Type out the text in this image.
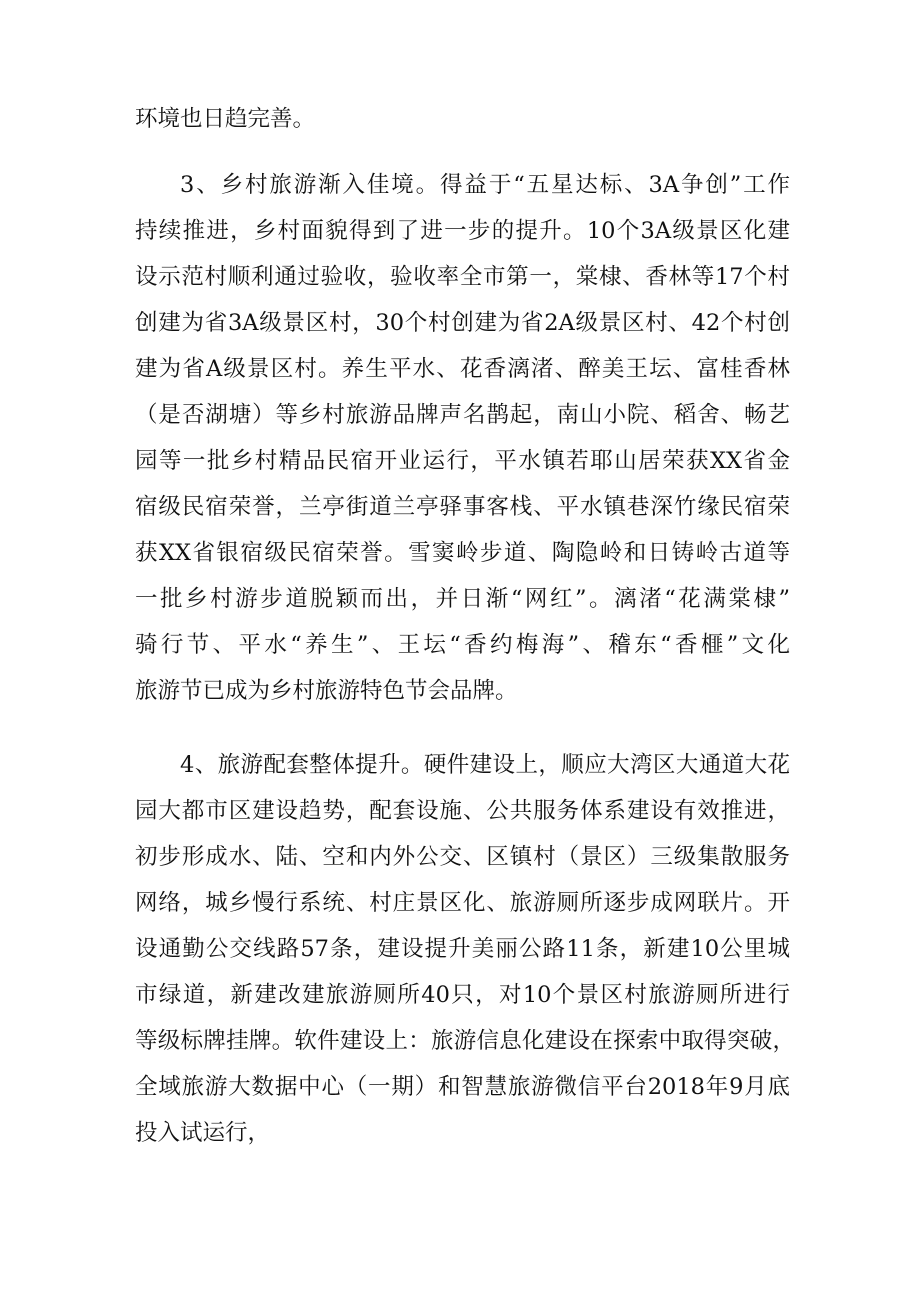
环境也日趋完善。
3、乡村旅游渐入佳境。得益于“五星达标、3A争创”工作
持续推进，乡村面貌得到了进一步的提升。10个3A级景区化建
设示范村顺利通过验收，验收率全市第一，棠棣、香林等17个村
创建为省3A级景区村，30个村创建为省2A级景区村、42个村创
建为省A级景区村。养生平水、花香漓渚、醉美王坛、富桂香林
（是否湖塘）等乡村旅游品牌声名鹊起，南山小院、稻舍、畅艺
园等一批乡村精品民宿开业运行，平水镇若耶山居荣获XX省金
宿级民宿荣誉，兰亭街道兰亭驿事客栈、平水镇巷深竹缘民宿荣
获XX省银宿级民宿荣誉。雪窦岭步道、陶隐岭和日铸岭古道等
一批乡村游步道脱颖而出，并日渐“网红”。漓渚“花满棠棣”
骑行节、平水“养生”、王坛“香约梅海”、稽东“香榧”文化
旅游节已成为乡村旅游特色节会品牌。
4、旅游配套整体提升。硬件建设上，顺应大湾区大通道大花
园大都市区建设趋势，配套设施、公共服务体系建设有效推进，
初步形成水、陆、空和内外公交、区镇村（景区）三级集散服务
网络，城乡慢行系统、村庄景区化、旅游厕所逐步成网联片。开
设通勤公交线路57条，建设提升美丽公路11条，新建10公里城
市绿道，新建改建旅游厕所40只，对10个景区村旅游厕所进行
等级标牌挂牌。软件建设上：旅游信息化建设在探索中取得突破，
全域旅游大数据中心（一期）和智慧旅游微信平台2018年9月底
投入试运行，
